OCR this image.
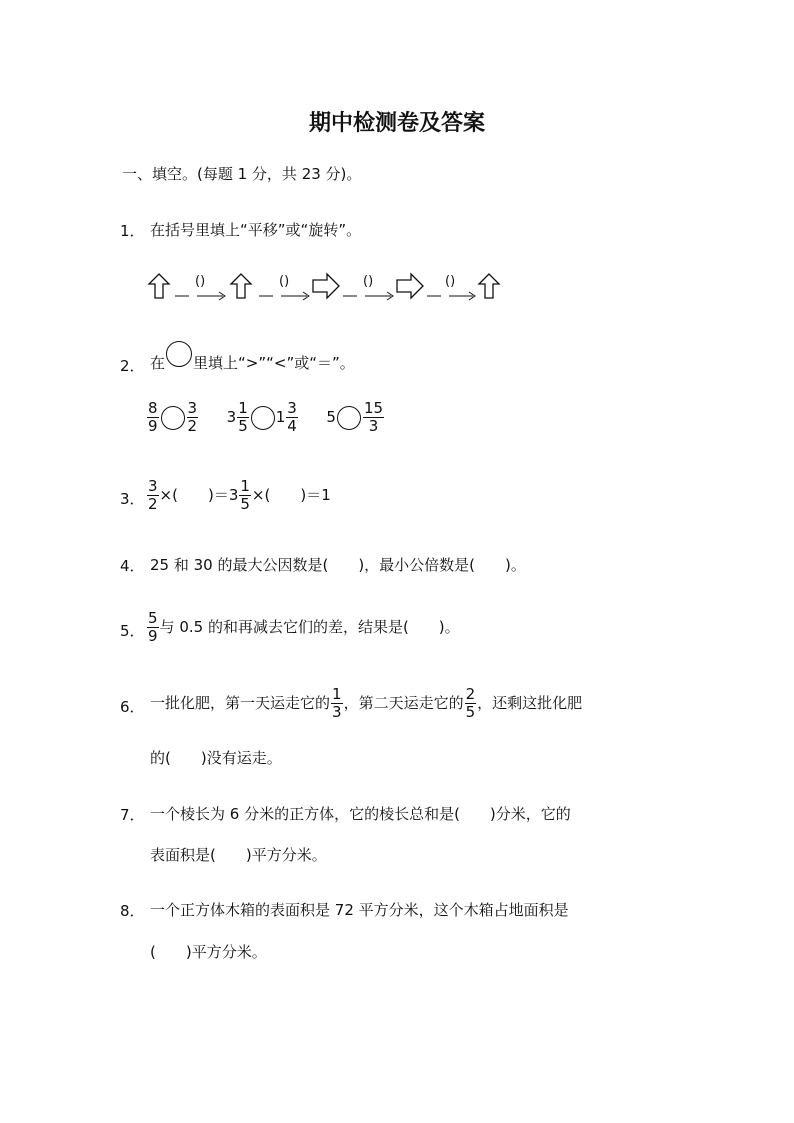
期中检测卷及答案
一、填空。(每题 1 分，共 23 分)。
1． 在括号里填上“平移”或“旋转”。
()	()	()	()
2． 在 里填上“>”“<”或“＝”。
$\frac{8}{9} \frac{3}{2} 3 \frac{1}{5} 1 \frac{3}{4} 5 \frac{15}{3}$
3． $\frac{3}{2}$ ×(　　)$=3 \frac{1}{5}$ ×(　　)＝1
4． 25 和 30 的最大公因数是(　　)，最小公倍数是(　　)。
5． $\frac{5}{9}$ 与 0.5 的和再减去它们的差，结果是(　　)。
6． 一批化肥，第一天运走它的 $\frac{1}{3}$ ，第二天运走它的 $\frac{2}{5}$ ，还剩这批化肥
的(　　)没有运走。
7． 一个棱长为 6 分米的正方体，它的棱长总和是(　　)分米，它的
表面积是(　　)平方分米。
8． 一个正方体木箱的表面积是 72 平方分米，这个木箱占地面积是
(　　)平方分米。
